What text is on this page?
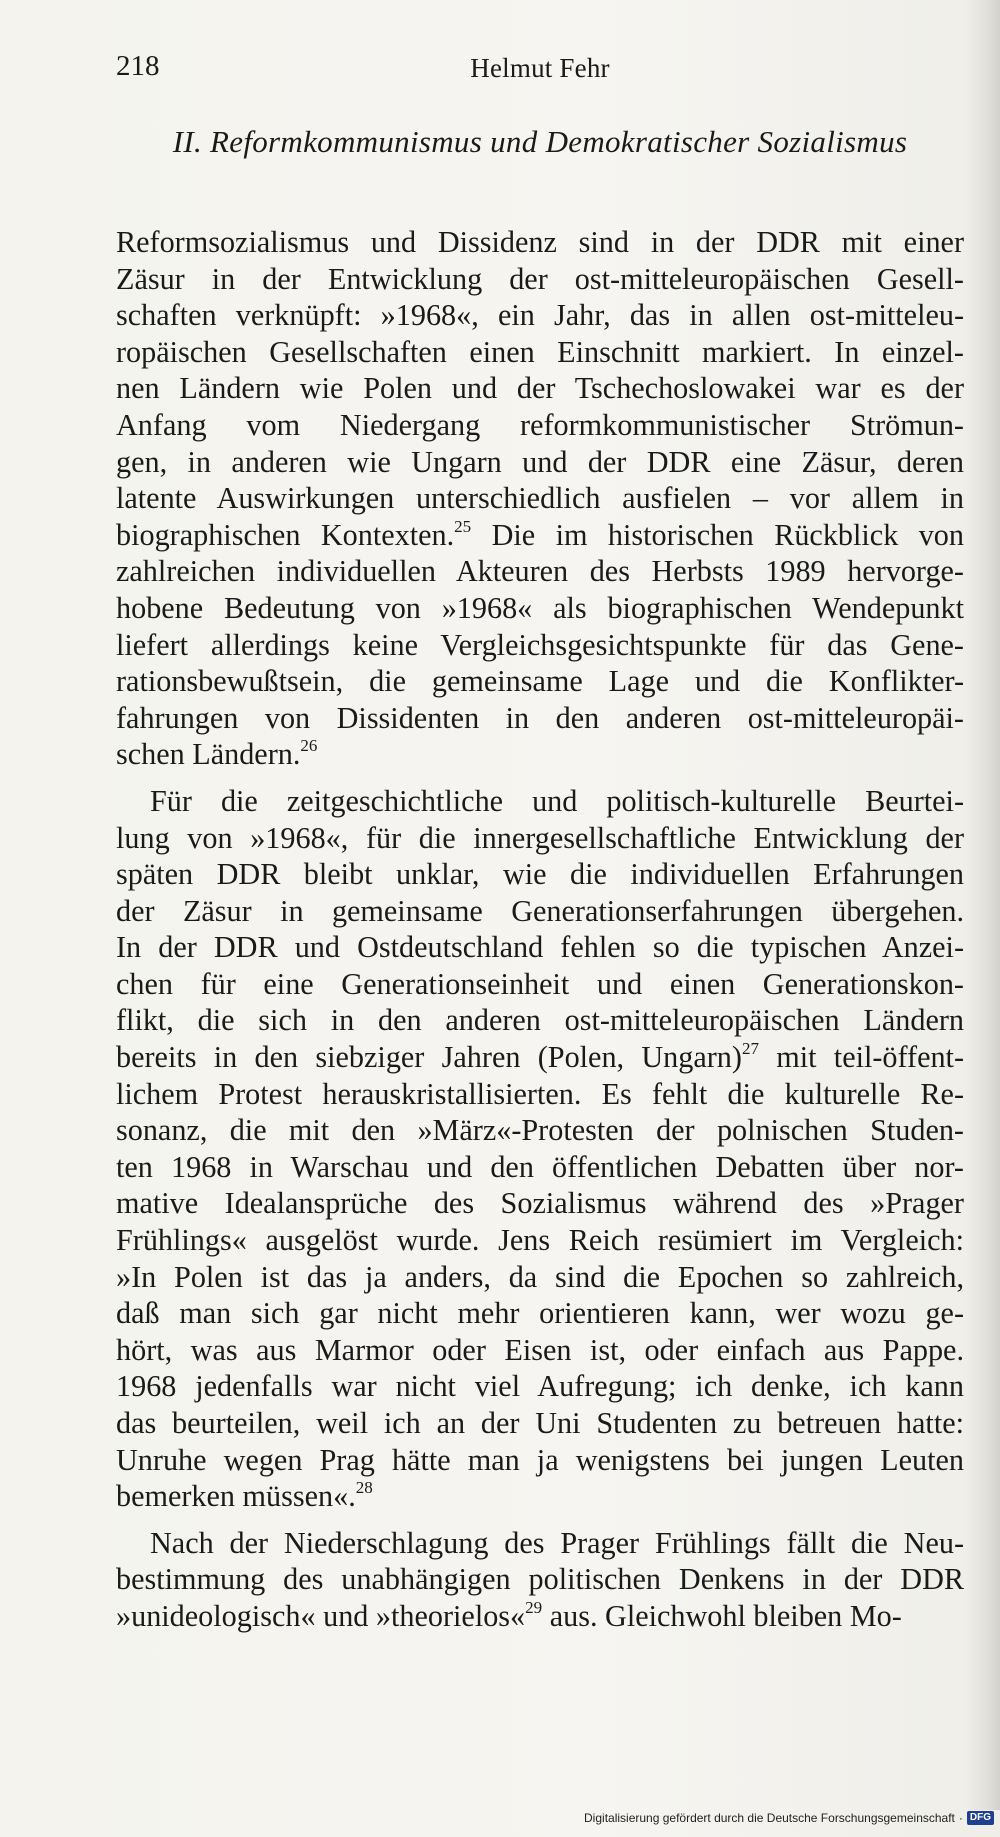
218	Helmut Fehr
II. Reformkommunismus und Demokratischer Sozialismus
Reformsozialismus und Dissidenz sind in der DDR mit einer
Zäsur in der Entwicklung der ost-mitteleuropäischen Gesell-
schaften verknüpft: »1968«, ein Jahr, das in allen ost-mitteleu-
ropäischen Gesellschaften einen Einschnitt markiert. In einzel-
nen Ländern wie Polen und der Tschechoslowakei war es der
Anfang vom Niedergang reformkommunistischer Strömun-
gen, in anderen wie Ungarn und der DDR eine Zäsur, deren
latente Auswirkungen unterschiedlich ausfielen – vor allem in
biographischen Kontexten.$^{25}$ Die im historischen Rückblick von
zahlreichen individuellen Akteuren des Herbsts 1989 hervorge-
hobene Bedeutung von »1968« als biographischen Wendepunkt
liefert allerdings keine Vergleichsgesichtspunkte für das Gene-
rationsbewußtsein, die gemeinsame Lage und die Konflikter-
fahrungen von Dissidenten in den anderen ost-mitteleuropäi-
schen Ländern.$^{26}$
Für die zeitgeschichtliche und politisch-kulturelle Beurtei-
lung von »1968«, für die innergesellschaftliche Entwicklung der
späten DDR bleibt unklar, wie die individuellen Erfahrungen
der Zäsur in gemeinsame Generationserfahrungen übergehen.
In der DDR und Ostdeutschland fehlen so die typischen Anzei-
chen für eine Generationseinheit und einen Generationskon-
flikt, die sich in den anderen ost-mitteleuropäischen Ländern
bereits in den siebziger Jahren (Polen, Ungarn)$^{27}$ mit teil-öffent-
lichem Protest herauskristallisierten. Es fehlt die kulturelle Re-
sonanz, die mit den »März«-Protesten der polnischen Studen-
ten 1968 in Warschau und den öffentlichen Debatten über nor-
mative Idealansprüche des Sozialismus während des »Prager
Frühlings« ausgelöst wurde. Jens Reich resümiert im Vergleich:
»In Polen ist das ja anders, da sind die Epochen so zahlreich,
daß man sich gar nicht mehr orientieren kann, wer wozu ge-
hört, was aus Marmor oder Eisen ist, oder einfach aus Pappe.
1968 jedenfalls war nicht viel Aufregung; ich denke, ich kann
das beurteilen, weil ich an der Uni Studenten zu betreuen hatte:
Unruhe wegen Prag hätte man ja wenigstens bei jungen Leuten
bemerken müssen«.$^{28}$
Nach der Niederschlagung des Prager Frühlings fällt die Neu-
bestimmung des unabhängigen politischen Denkens in der DDR
»unideologisch« und »theorielos«$^{29}$ aus. Gleichwohl bleiben Mo-
Digitalisierung gefördert durch die Deutsche Forschungsgemeinschaft · DFG
